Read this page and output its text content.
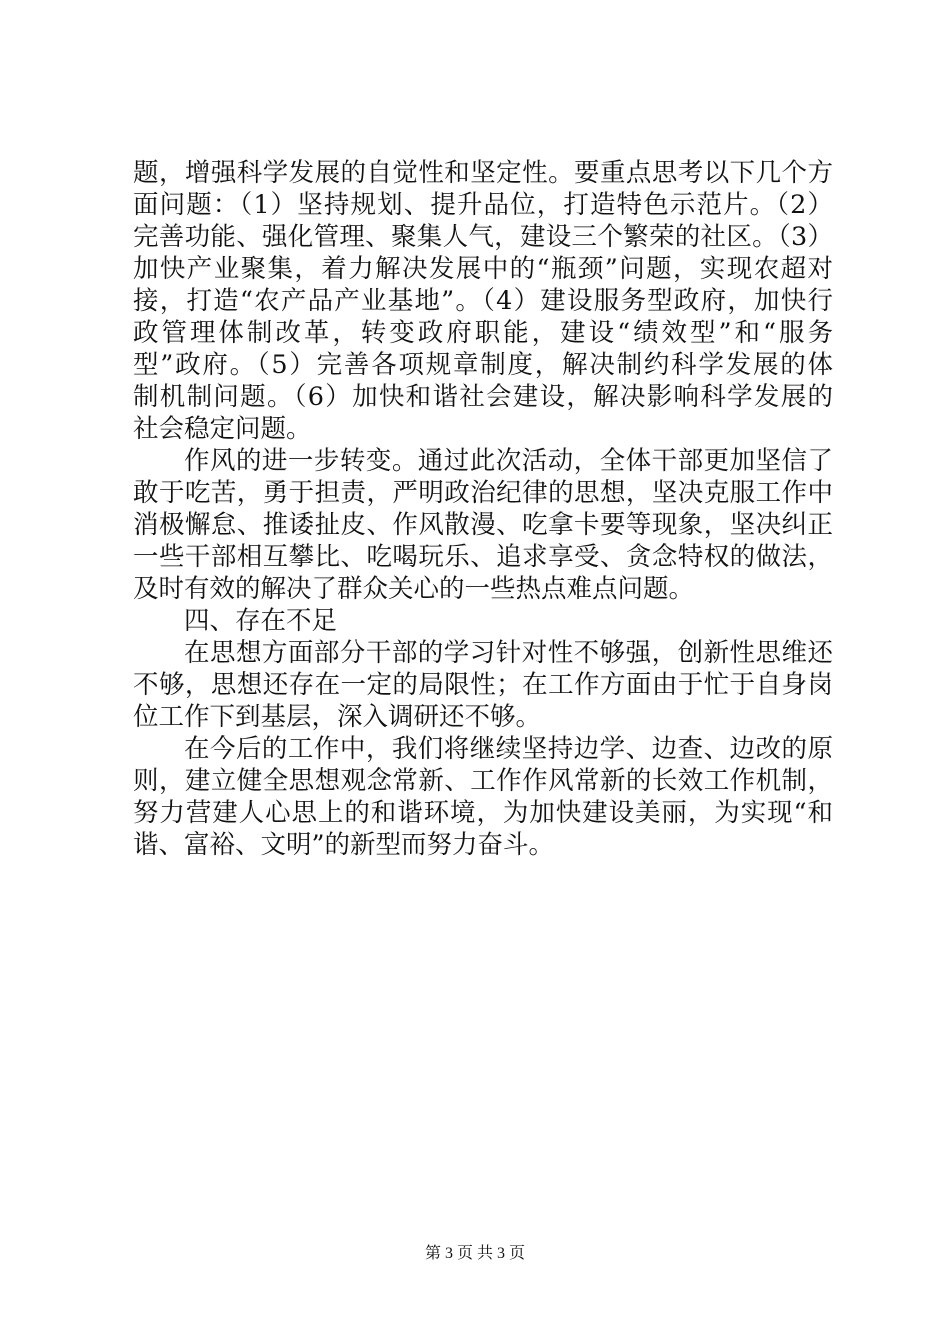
题，增强科学发展的自觉性和坚定性。要重点思考以下几个方
面问题：（1）坚持规划、提升品位，打造特色示范片。（2）
完善功能、强化管理、聚集人气，建设三个繁荣的社区。（3）
加快产业聚集，着力解决发展中的“瓶颈”问题，实现农超对
接，打造“农产品产业基地”。（4）建设服务型政府，加快行
政管理体制改革，转变政府职能，建设“绩效型”和“服务
型”政府。（5）完善各项规章制度，解决制约科学发展的体
制机制问题。（6）加快和谐社会建设，解决影响科学发展的
社会稳定问题。
作风的进一步转变。通过此次活动，全体干部更加坚信了
敢于吃苦，勇于担责，严明政治纪律的思想，坚决克服工作中
消极懈怠、推诿扯皮、作风散漫、吃拿卡要等现象，坚决纠正
一些干部相互攀比、吃喝玩乐、追求享受、贪念特权的做法，
及时有效的解决了群众关心的一些热点难点问题。
四、存在不足
在思想方面部分干部的学习针对性不够强，创新性思维还
不够，思想还存在一定的局限性；在工作方面由于忙于自身岗
位工作下到基层，深入调研还不够。
在今后的工作中，我们将继续坚持边学、边查、边改的原
则，建立健全思想观念常新、工作作风常新的长效工作机制，
努力营建人心思上的和谐环境，为加快建设美丽，为实现“和
谐、富裕、文明”的新型而努力奋斗。
第 3 页 共 3 页
